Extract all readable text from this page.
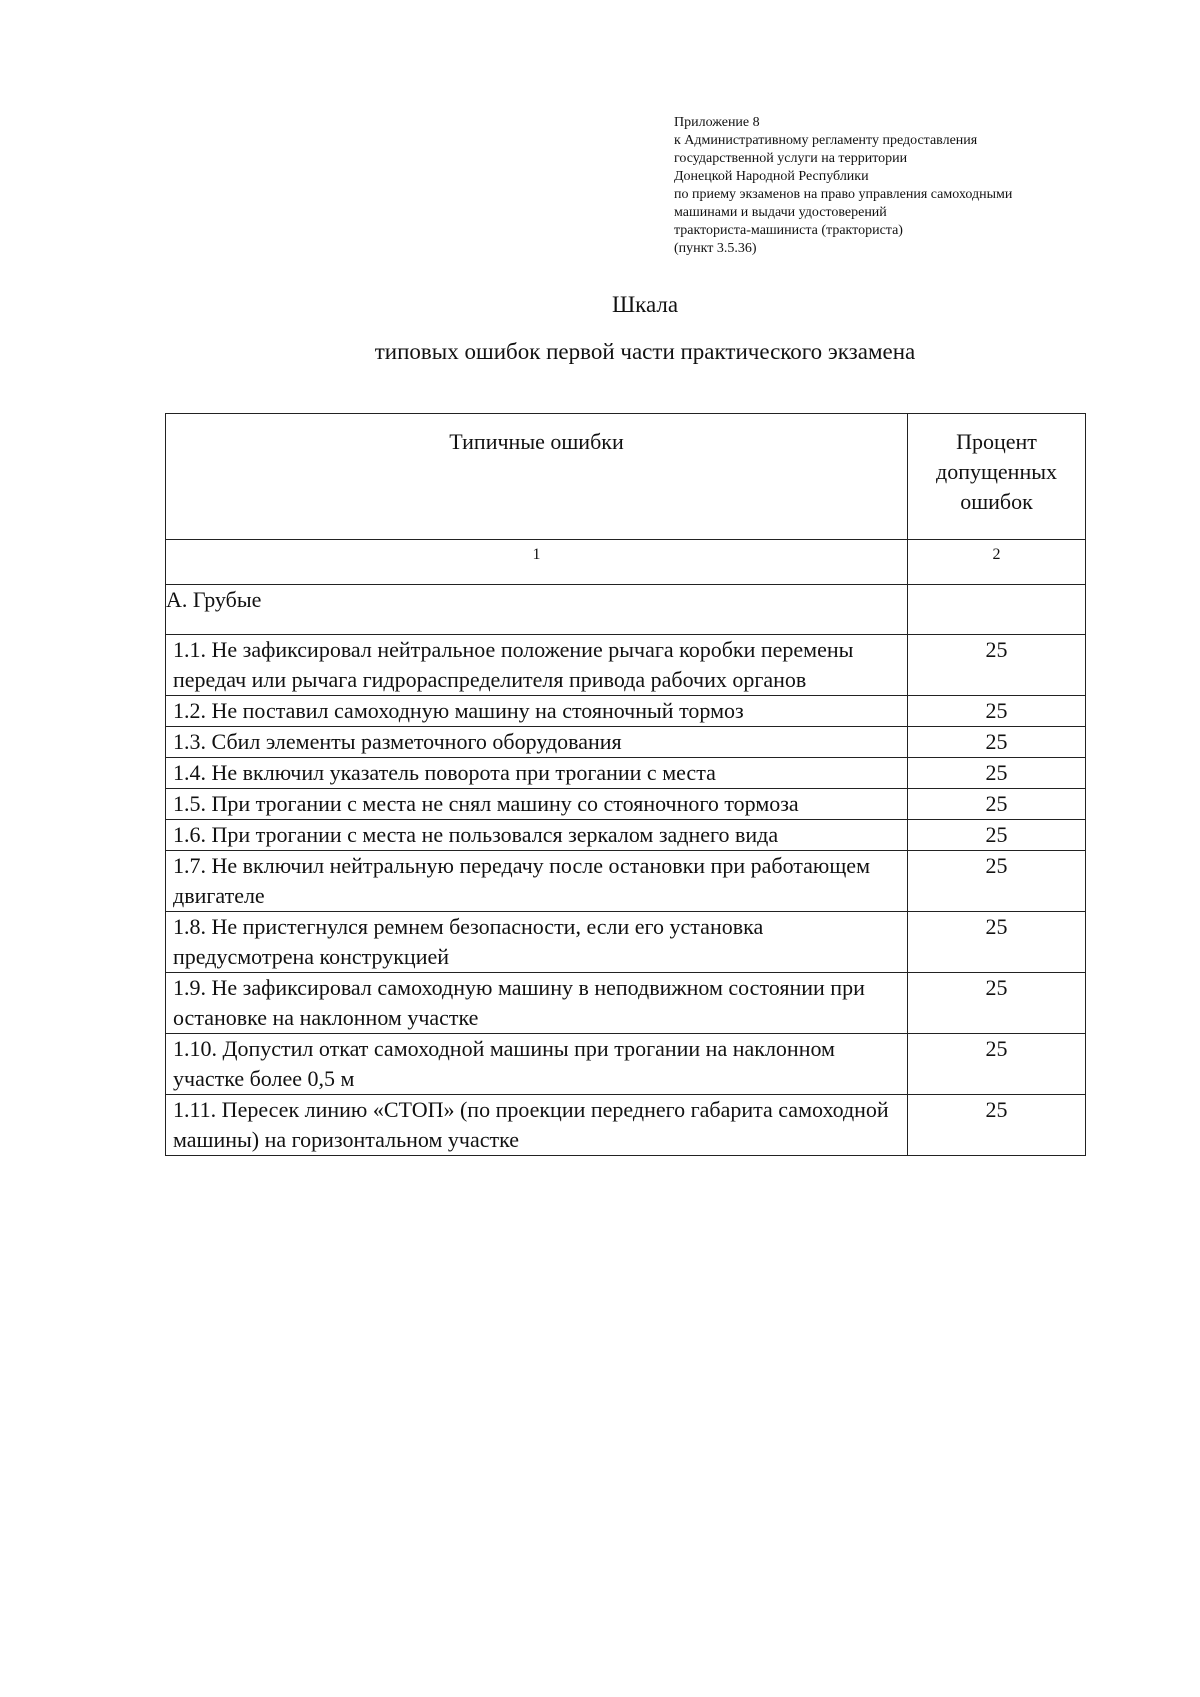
Приложение 8
к Административному регламенту предоставления
государственной услуги на территории
Донецкой Народной Республики
по приему экзаменов на право управления самоходными
машинами и выдачи удостоверений
тракториста-машиниста (тракториста)
(пункт 3.5.36)
Шкала
типовых ошибок первой части практического экзамена
Типичные ошибки	Процент допущенных ошибок
1	2
А. Грубые	
1.1. Не зафиксировал нейтральное положение рычага коробки перемены передач или рычага гидрораспределителя привода рабочих органов	25
1.2. Не поставил самоходную машину на стояночный тормоз	25
1.3. Сбил элементы разметочного оборудования	25
1.4. Не включил указатель поворота при трогании с места	25
1.5. При трогании с места не снял машину со стояночного тормоза	25
1.6. При трогании с места не пользовался зеркалом заднего вида	25
1.7. Не включил нейтральную передачу после остановки при работающем двигателе	25
1.8. Не пристегнулся ремнем безопасности, если его установка предусмотрена конструкцией	25
1.9. Не зафиксировал самоходную машину в неподвижном состоянии при остановке на наклонном участке	25
1.10. Допустил откат самоходной машины при трогании на наклонном участке более 0,5 м	25
1.11. Пересек линию «СТОП» (по проекции переднего габарита самоходной машины) на горизонтальном участке	25
